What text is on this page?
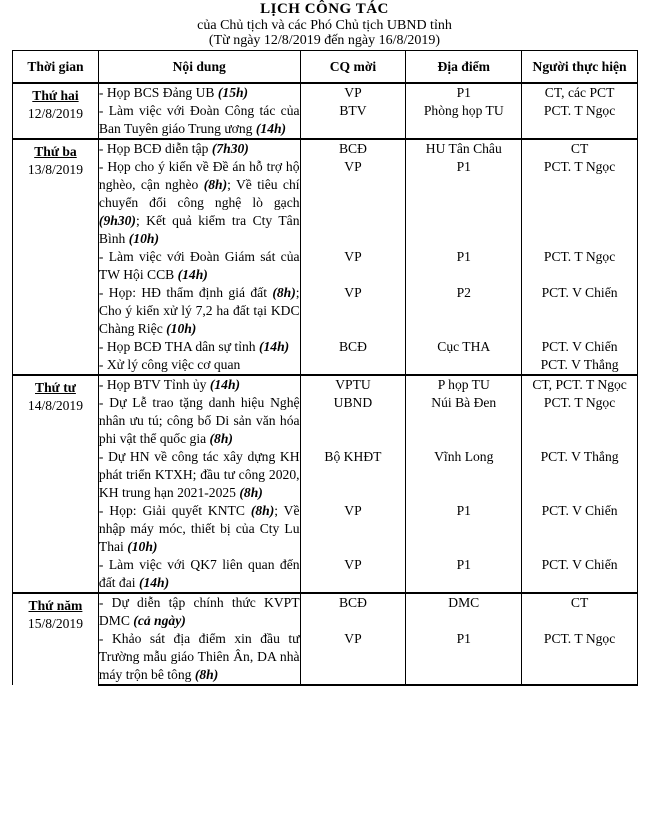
LỊCH CÔNG TÁC
của Chủ tịch và các Phó Chủ tịch UBND tỉnh
(Từ ngày 12/8/2019 đến ngày 16/8/2019)
Thời gian	Nội dung	CQ mời	Địa điểm	Người thực hiện

Thứ hai
12/8/2019	- Họp BCS Đảng UB (15h)	VP	P1	CT, các PCT
	- Làm việc với Đoàn Công tác của Ban Tuyên giáo Trung ương (14h)	BTV	Phòng họp TU	PCT. T Ngọc

Thứ ba
13/8/2019	- Họp BCĐ diễn tập (7h30)	BCĐ	HU Tân Châu	CT
	- Họp cho ý kiến về Đề án hỗ trợ hộ nghèo, cận nghèo (8h); Về tiêu chí chuyển đổi công nghệ lò gạch (9h30); Kết quả kiểm tra Cty Tân Bình (10h)	VP	P1	PCT. T Ngọc
	- Làm việc với Đoàn Giám sát của TW Hội CCB (14h)	VP	P1	PCT. T Ngọc
	- Họp: HĐ thẩm định giá đất (8h); Cho ý kiến xử lý 7,2 ha đất tại KDC Chàng Riệc (10h)	VP	P2	PCT. V Chiến
	- Họp BCĐ THA dân sự tỉnh (14h)	BCĐ	Cục THA	PCT. V Chiến
	- Xử lý công việc cơ quan			PCT. V Thắng

Thứ tư
14/8/2019	- Họp BTV Tỉnh ủy (14h)	VPTU	P họp TU	CT, PCT. T Ngọc
	- Dự Lễ trao tặng danh hiệu Nghệ nhân ưu tú; công bố Di sản văn hóa phi vật thể quốc gia (8h)	UBND	Núi Bà Đen	PCT. T Ngọc
	- Dự HN về công tác xây dựng KH phát triển KTXH; đầu tư công 2020, KH trung hạn 2021-2025 (8h)	Bộ KHĐT	Vĩnh Long	PCT. V Thắng
	- Họp: Giải quyết KNTC (8h); Về nhập máy móc, thiết bị của Cty Lu Thai (10h)	VP	P1	PCT. V Chiến
	- Làm việc với QK7 liên quan đến đất đai (14h)	VP	P1	PCT. V Chiến

Thứ năm
15/8/2019	- Dự diễn tập chính thức KVPT DMC (cả ngày)	BCĐ	DMC	CT
	- Khảo sát địa điểm xin đầu tư Trường mẫu giáo Thiên Ân, DA nhà máy trộn bê tông (8h)	VP	P1	PCT. T Ngọc
